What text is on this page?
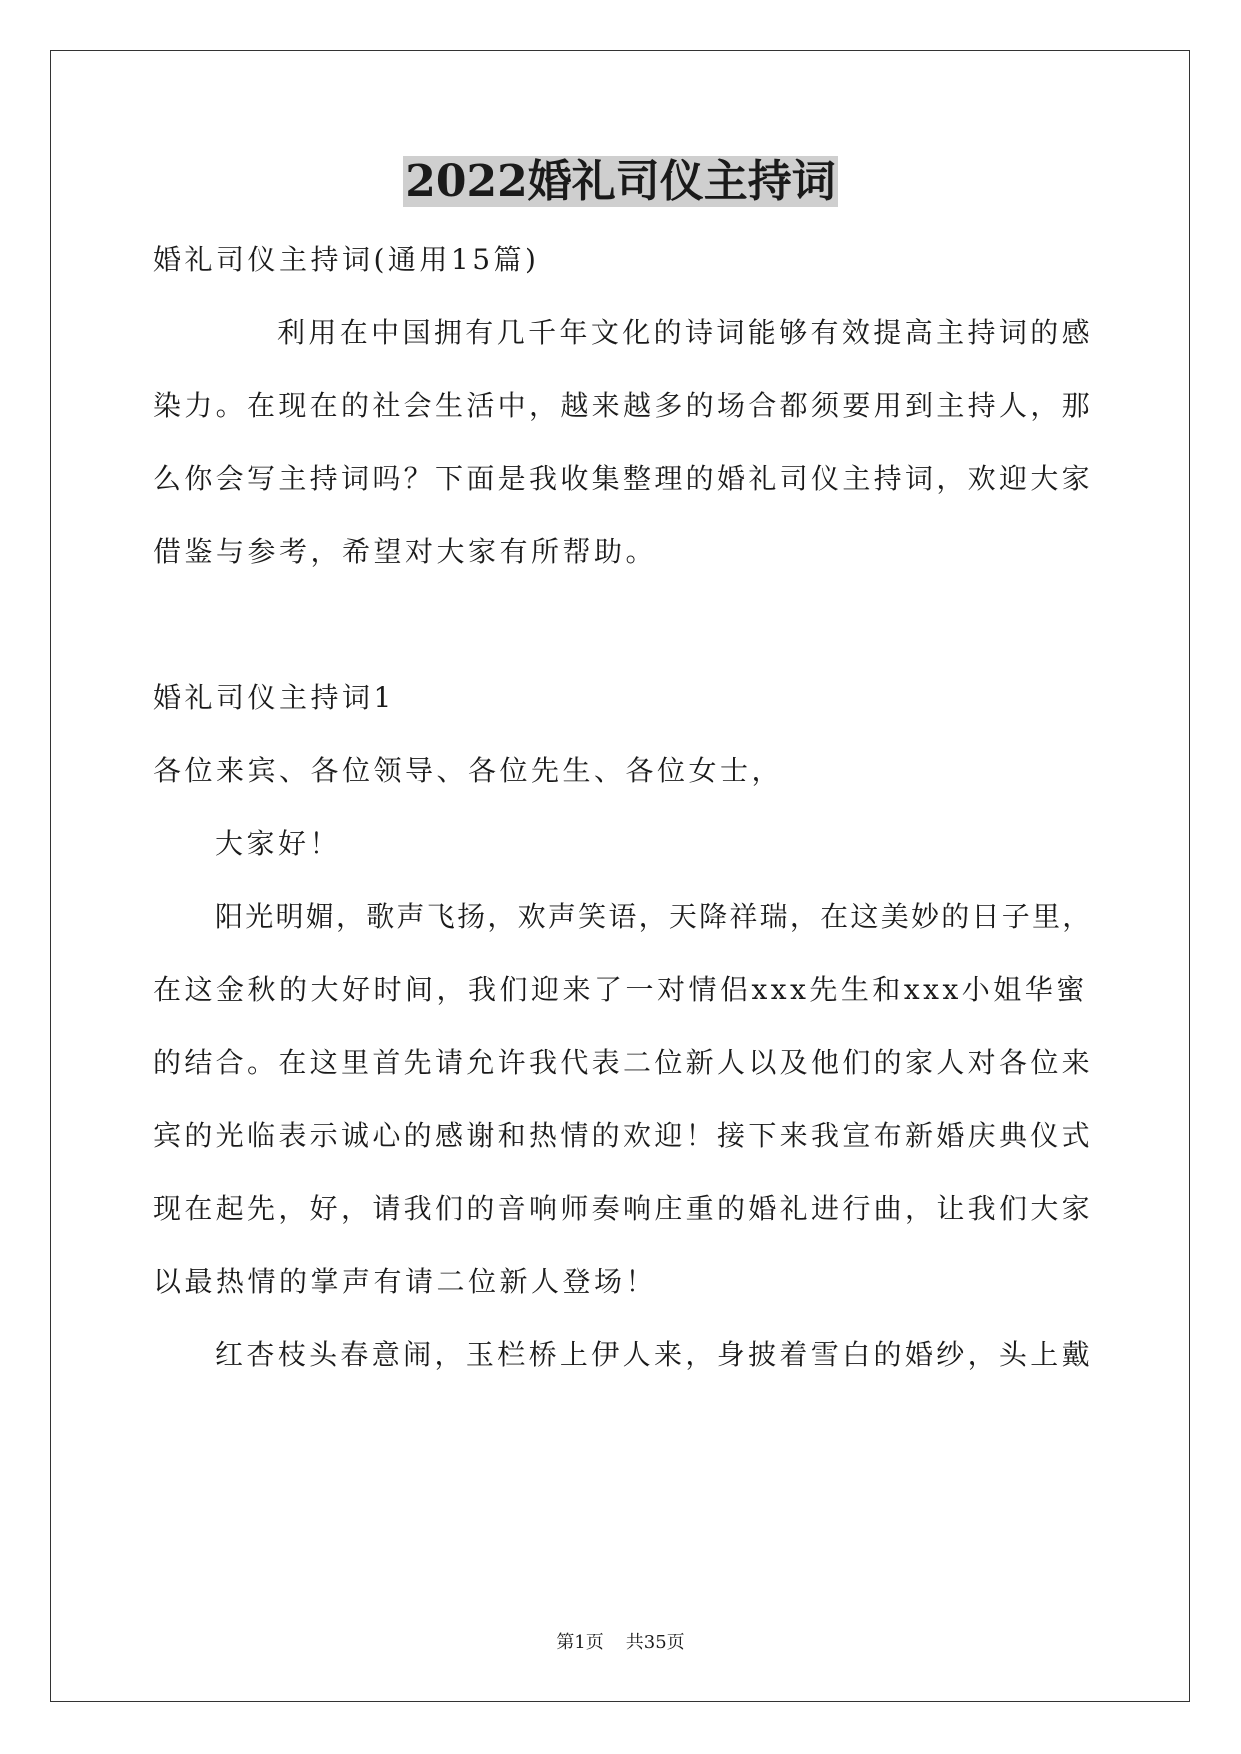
2022婚礼司仪主持词

婚礼司仪主持词(通用15篇)

利用在中国拥有几千年文化的诗词能够有效提高主持词的感

染力。在现在的社会生活中，越来越多的场合都须要用到主持人，那

么你会写主持词吗？下面是我收集整理的婚礼司仪主持词，欢迎大家

借鉴与参考，希望对大家有所帮助。

婚礼司仪主持词1

各位来宾、各位领导、各位先生、各位女士，

大家好！

阳光明媚，歌声飞扬，欢声笑语，天降祥瑞，在这美妙的日子里，

在这金秋的大好时间，我们迎来了一对情侣xxx先生和xxx小姐华蜜

的结合。在这里首先请允许我代表二位新人以及他们的家人对各位来

宾的光临表示诚心的感谢和热情的欢迎！接下来我宣布新婚庆典仪式

现在起先，好，请我们的音响师奏响庄重的婚礼进行曲，让我们大家

以最热情的掌声有请二位新人登场！

红杏枝头春意闹，玉栏桥上伊人来，身披着雪白的婚纱，头上戴

第1页 共35页
